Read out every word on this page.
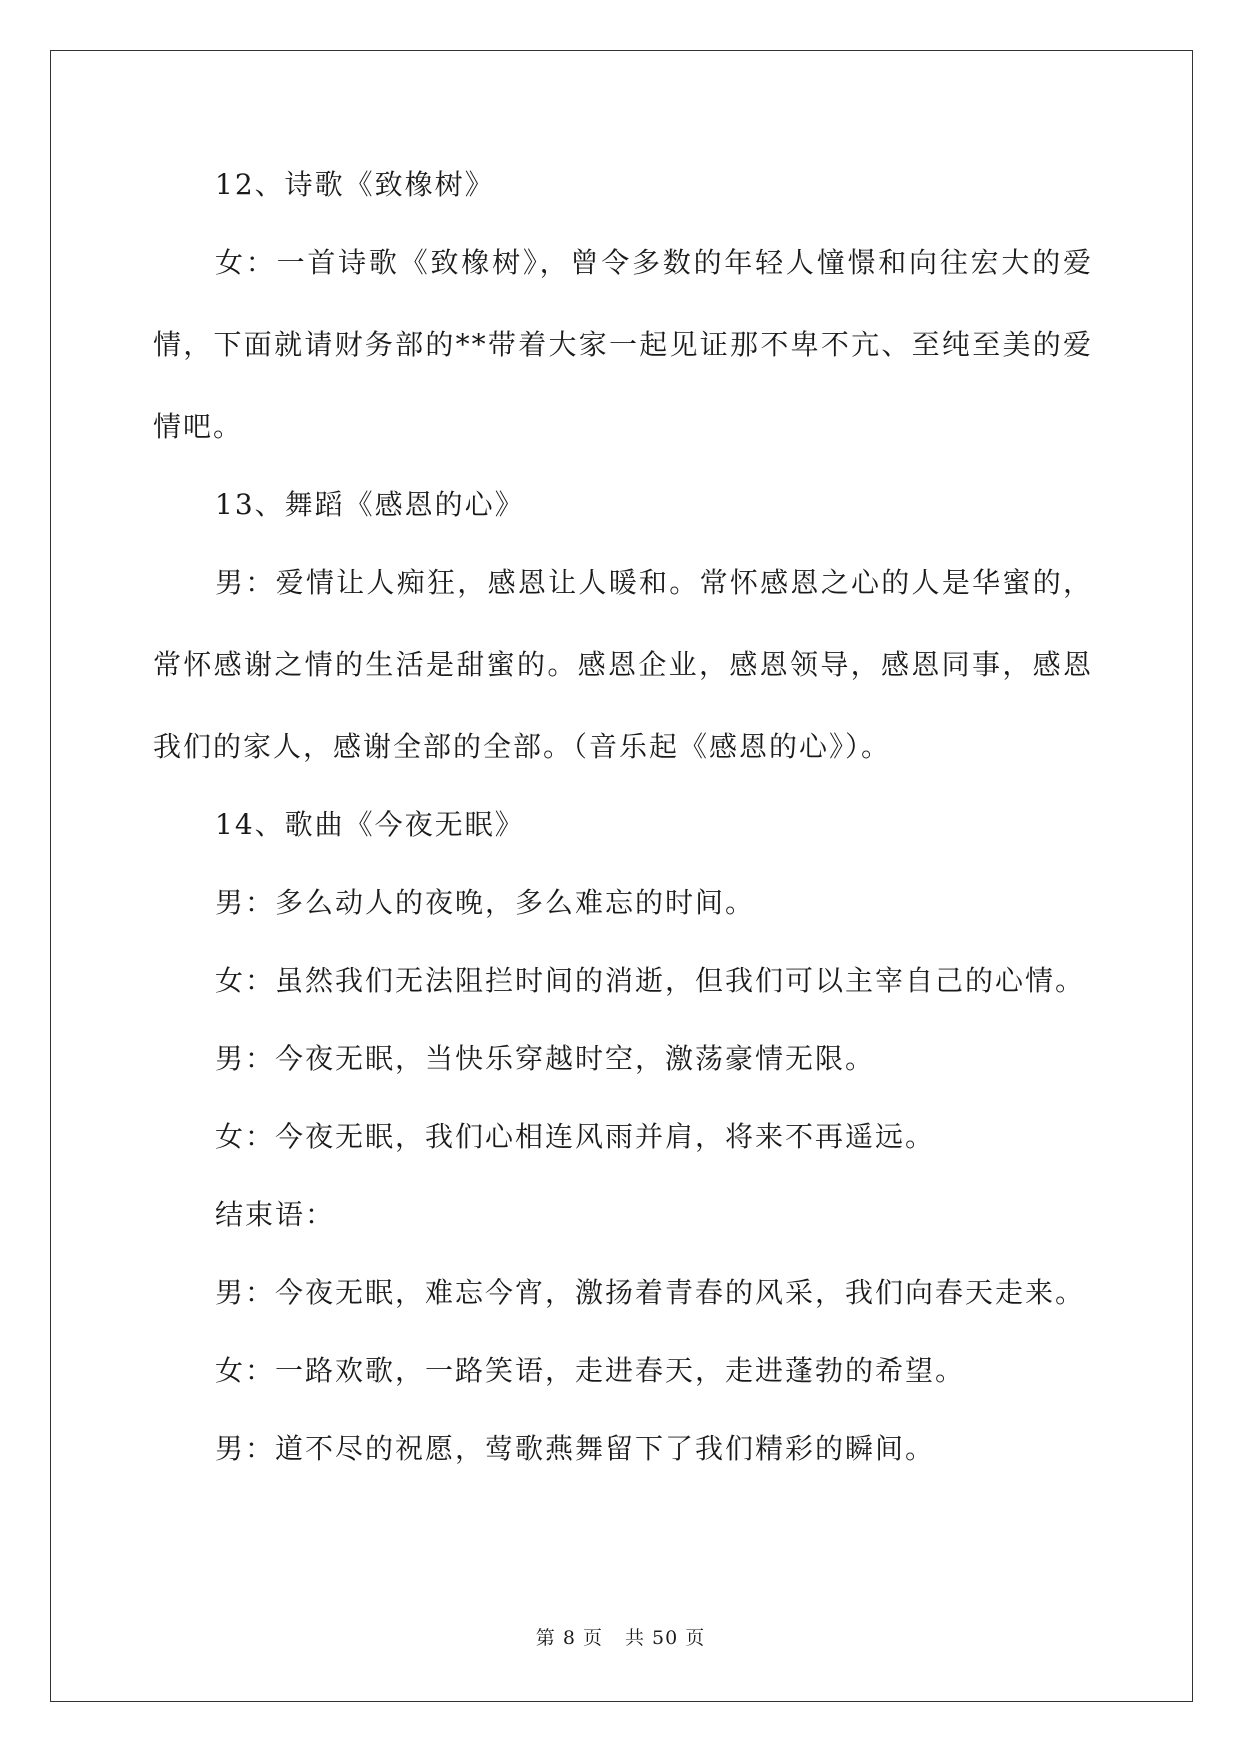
12、诗歌《致橡树》

女：一首诗歌《致橡树》，曾令多数的年轻人憧憬和向往宏大的爱情，下面就请财务部的**带着大家一起见证那不卑不亢、至纯至美的爱情吧。

13、舞蹈《感恩的心》

男：爱情让人痴狂，感恩让人暖和。常怀感恩之心的人是华蜜的，常怀感谢之情的生活是甜蜜的。感恩企业，感恩领导，感恩同事，感恩我们的家人，感谢全部的全部。（音乐起《感恩的心》）。

14、歌曲《今夜无眠》

男：多么动人的夜晚，多么难忘的时间。

女：虽然我们无法阻拦时间的消逝，但我们可以主宰自己的心情。

男：今夜无眠，当快乐穿越时空，激荡豪情无限。

女：今夜无眠，我们心相连风雨并肩，将来不再遥远。

结束语：

男：今夜无眠，难忘今宵，激扬着青春的风采，我们向春天走来。

女：一路欢歌，一路笑语，走进春天，走进蓬勃的希望。

男：道不尽的祝愿，莺歌燕舞留下了我们精彩的瞬间。

第 8 页 共 50 页
